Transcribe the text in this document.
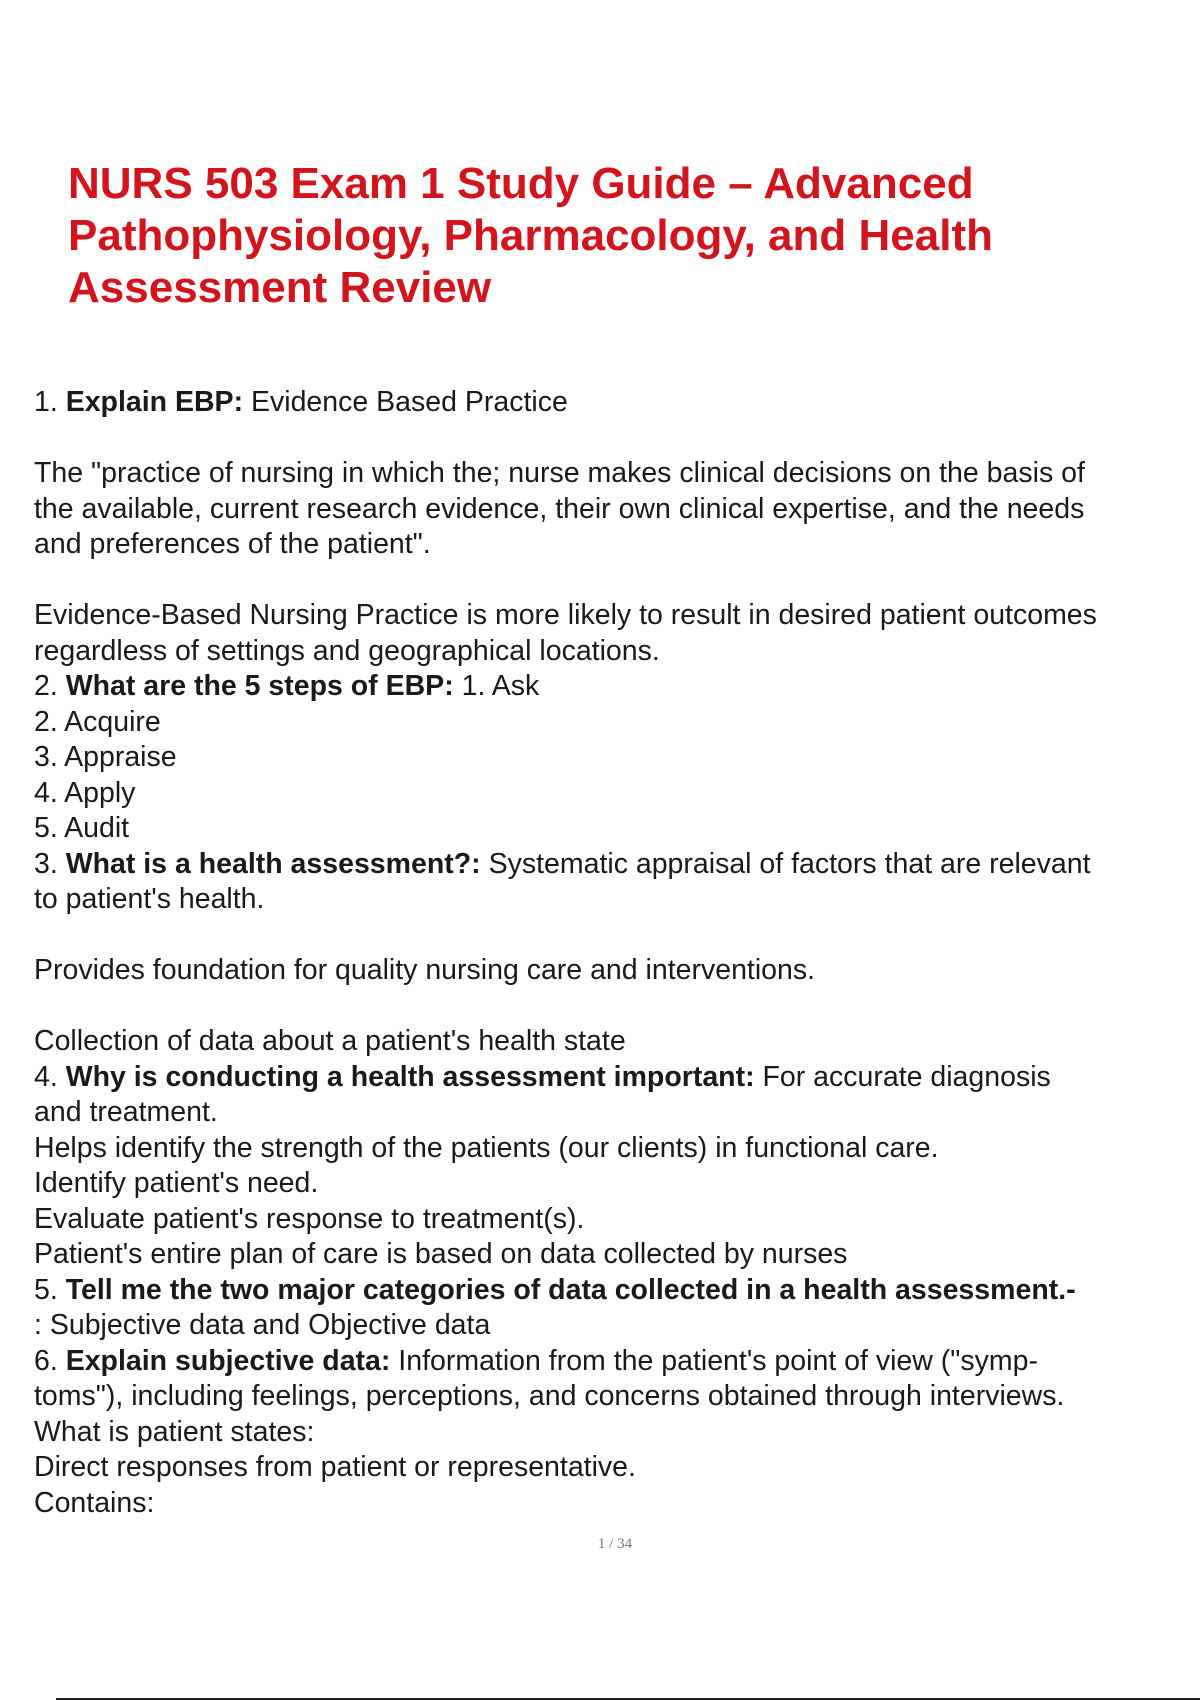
NURS 503 Exam 1 Study Guide – Advanced Pathophysiology, Pharmacology, and Health Assessment Review
1. Explain EBP: Evidence Based Practice
The "practice of nursing in which the; nurse makes clinical decisions on the basis of
the available, current research evidence, their own clinical expertise, and the needs
and preferences of the patient".
Evidence-Based Nursing Practice is more likely to result in desired patient outcomes
regardless of settings and geographical locations.
2. What are the 5 steps of EBP: 1. Ask
2. Acquire
3. Appraise
4. Apply
5. Audit
3. What is a health assessment?: Systematic appraisal of factors that are relevant
to patient's health.
Provides foundation for quality nursing care and interventions.
Collection of data about a patient's health state
4. Why is conducting a health assessment important: For accurate diagnosis
and treatment.
Helps identify the strength of the patients (our clients) in functional care.
Identify patient's need.
Evaluate patient's response to treatment(s).
Patient's entire plan of care is based on data collected by nurses
5. Tell me the two major categories of data collected in a health assessment.-
: Subjective data and Objective data
6. Explain subjective data: Information from the patient's point of view ("symp-
toms"), including feelings, perceptions, and concerns obtained through interviews.
What is patient states:
Direct responses from patient or representative.
Contains:
1 / 34
